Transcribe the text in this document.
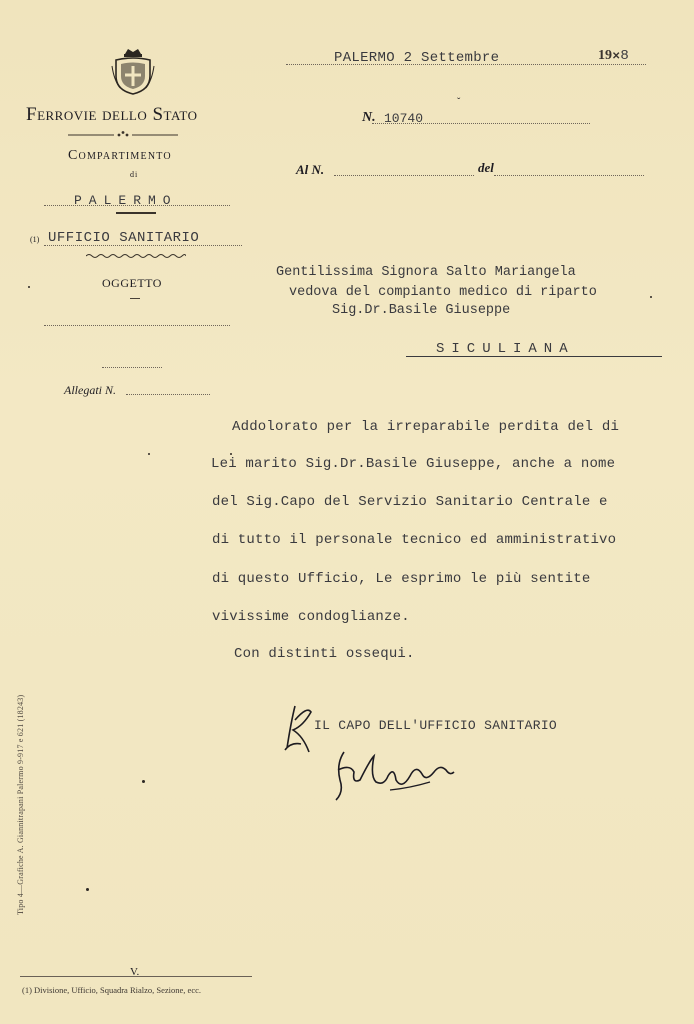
Ferrovie dello Stato
Compartimento
di
PALERMO
(1) UFFICIO SANITARIO
OGGETTO
Allegati N.
PALERMO 2 Settembre	19✕8
N. 10740
ˇ
Al N.	del
Gentilissima Signora Salto Mariangela
vedova del compianto medico di riparto
Sig.Dr.Basile Giuseppe
SICULIANA
Addolorato per la irreparabile perdita del di
Lei marito Sig.Dr.Basile Giuseppe, anche a nome
del Sig.Capo del Servizio Sanitario Centrale e
di tutto il personale tecnico ed amministrativo
di questo Ufficio, Le esprimo le più sentite
vivissime condoglianze.
Con distinti ossequi.
IL CAPO DELL'UFFICIO SANITARIO
Tipo 4—Grafiche A. Giannitrapani Palermo 9-917 e 621 (18243)
V.
(1) Divisione, Ufficio, Squadra Rialzo, Sezione, ecc.
